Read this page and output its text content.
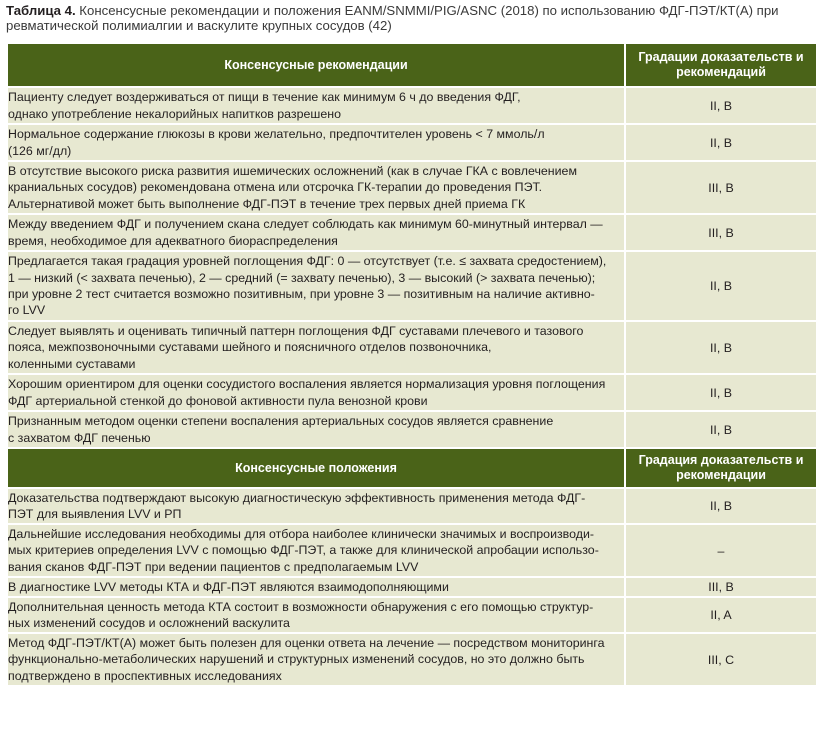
Таблица 4. Консенсусные рекомендации и положения EANM/SNMMI/PIG/ASNC (2018) по использованию ФДГ-ПЭТ/КТ(А) при ревматической полимиалгии и васкулите крупных сосудов (42)
Консенсусные рекомендации	Градации доказательств и рекомендаций
Пациенту следует воздерживаться от пищи в течение как минимум 6 ч до введения ФДГ,
однако употребление некалорийных напитков разрешено	II, B
Нормальное содержание глюкозы в крови желательно, предпочтителен уровень < 7 ммоль/л
(126 мг/дл)	II, B
В отсутствие высокого риска развития ишемических осложнений (как в случае ГКА с вовлечением
краниальных сосудов) рекомендована отмена или отсрочка ГК-терапии до проведения ПЭТ.
Альтернативой может быть выполнение ФДГ-ПЭТ в течение трех первых дней приема ГК	III, B
Между введением ФДГ и получением скана следует соблюдать как минимум 60-минутный интервал —
время, необходимое для адекватного биораспределения	III, B
Предлагается такая градация уровней поглощения ФДГ: 0 — отсутствует (т.е. ≤ захвата средостением),
1 — низкий (< захвата печенью), 2 — средний (= захвату печенью), 3 — высокий (> захвата печенью);
при уровне 2 тест считается возможно позитивным, при уровне 3 — позитивным на наличие активно-
го LVV	II, B
Следует выявлять и оценивать типичный паттерн поглощения ФДГ суставами плечевого и тазового
пояса, межпозвоночными суставами шейного и поясничного отделов позвоночника,
коленными суставами	II, B
Хорошим ориентиром для оценки сосудистого воспаления является нормализация уровня поглощения
ФДГ артериальной стенкой до фоновой активности пула венозной крови	II, B
Признанным методом оценки степени воспаления артериальных сосудов является сравнение
с захватом ФДГ печенью	II, B
Консенсусные положения	Градация доказательств и рекомендации
Доказательства подтверждают высокую диагностическую эффективность применения метода ФДГ-
ПЭТ для выявления LVV и РП	II, B
Дальнейшие исследования необходимы для отбора наиболее клинически значимых и воспроизводи-
мых критериев определения LVV с помощью ФДГ-ПЭТ, а также для клинической апробации использо-
вания сканов ФДГ-ПЭТ при ведении пациентов с предполагаемым LVV	–
В диагностике LVV методы КТА и ФДГ-ПЭТ являются взаимодополняющими	III, B
Дополнительная ценность метода КТА состоит в возможности обнаружения с его помощью структур-
ных изменений сосудов и осложнений васкулита	II, A
Метод ФДГ-ПЭТ/КТ(А) может быть полезен для оценки ответа на лечение — посредством мониторинга
функционально-метаболических нарушений и структурных изменений сосудов, но это должно быть
подтверждено в проспективных исследованиях	III, C
